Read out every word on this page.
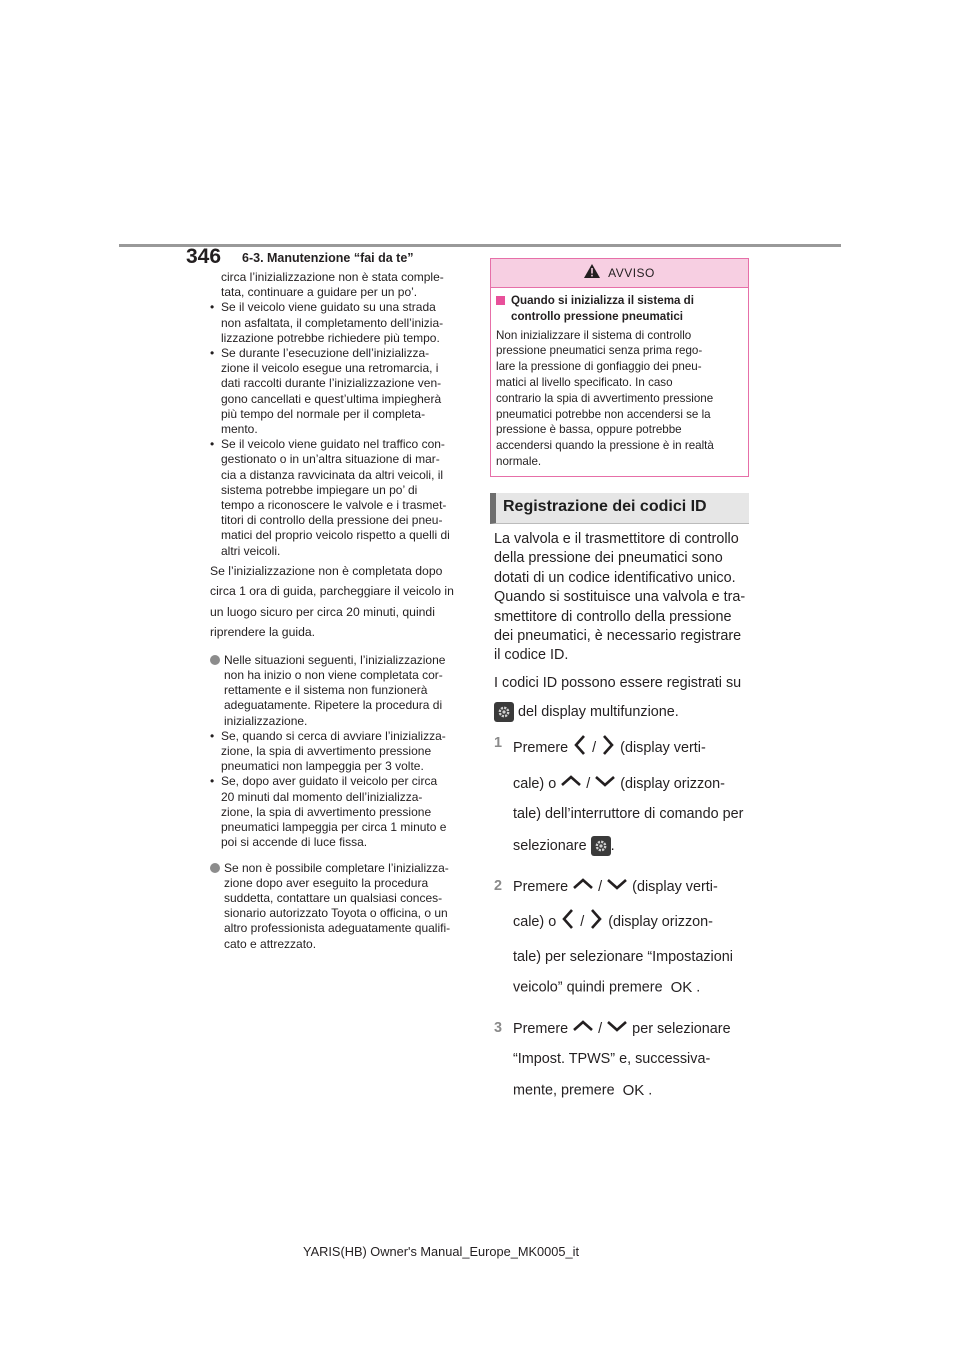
346 6-3. Manutenzione “fai da te”

circa l’inizializzazione non è stata comple-

tata, continuare a guidare per un po’.

• Se il veicolo viene guidato su una strada

non asfaltata, il completamento dell’inizia-

lizzazione potrebbe richiedere più tempo.

• Se durante l’esecuzione dell’inizializza-

zione il veicolo esegue una retromarcia, i

dati raccolti durante l’inizializzazione ven-

gono cancellati e quest’ultima impiegherà

più tempo del normale per il completa-

mento.

• Se il veicolo viene guidato nel traffico con-

gestionato o in un’altra situazione di mar-

cia a distanza ravvicinata da altri veicoli, il

sistema potrebbe impiegare un po’ di

tempo a riconoscere le valvole e i trasmet-

titori di controllo della pressione dei pneu-

matici del proprio veicolo rispetto a quelli di

altri veicoli.

Se l’inizializzazione non è completata dopo

circa 1 ora di guida, parcheggiare il veicolo in

un luogo sicuro per circa 20 minuti, quindi

riprendere la guida.

Nelle situazioni seguenti, l’inizializzazione

non ha inizio o non viene completata cor-

rettamente e il sistema non funzionerà

adeguatamente. Ripetere la procedura di

inizializzazione.

• Se, quando si cerca di avviare l’inizializza-

zione, la spia di avvertimento pressione

pneumatici non lampeggia per 3 volte.

• Se, dopo aver guidato il veicolo per circa

20 minuti dal momento dell’inizializza-

zione, la spia di avvertimento pressione

pneumatici lampeggia per circa 1 minuto e

poi si accende di luce fissa.

Se non è possibile completare l’inizializza-

zione dopo aver eseguito la procedura

suddetta, contattare un qualsiasi conces-

sionario autorizzato Toyota o officina, o un

altro professionista adeguatamente qualifi-

cato e attrezzato.

AVVISO

Quando si inizializza il sistema di

controllo pressione pneumatici

Non inizializzare il sistema di controllo

pressione pneumatici senza prima rego-

lare la pressione di gonfiaggio dei pneu-

matici al livello specificato. In caso

contrario la spia di avvertimento pressione

pneumatici potrebbe non accendersi se la

pressione è bassa, oppure potrebbe

accendersi quando la pressione è in realtà

normale.

Registrazione dei codici ID

La valvola e il trasmettitore di controllo

della pressione dei pneumatici sono

dotati di un codice identificativo unico.

Quando si sostituisce una valvola e tra-

smettitore di controllo della pressione

dei pneumatici, è necessario registrare

il codice ID.

I codici ID possono essere registrati su

del display multifunzione.

1 Premere  /  (display verti-

cale) o  /  (display orizzon-

tale) dell’interruttore di comando per

selezionare
.

2 Premere  /  (display verti-

cale) o  /  (display orizzon-

tale) per selezionare “Impostazioni

veicolo” quindi premere OK .

3 Premere  /  per selezionare

“Impost. TPWS” e, successiva-

mente, premere OK .

YARIS(HB) Owner's Manual_Europe_MK0005_it
